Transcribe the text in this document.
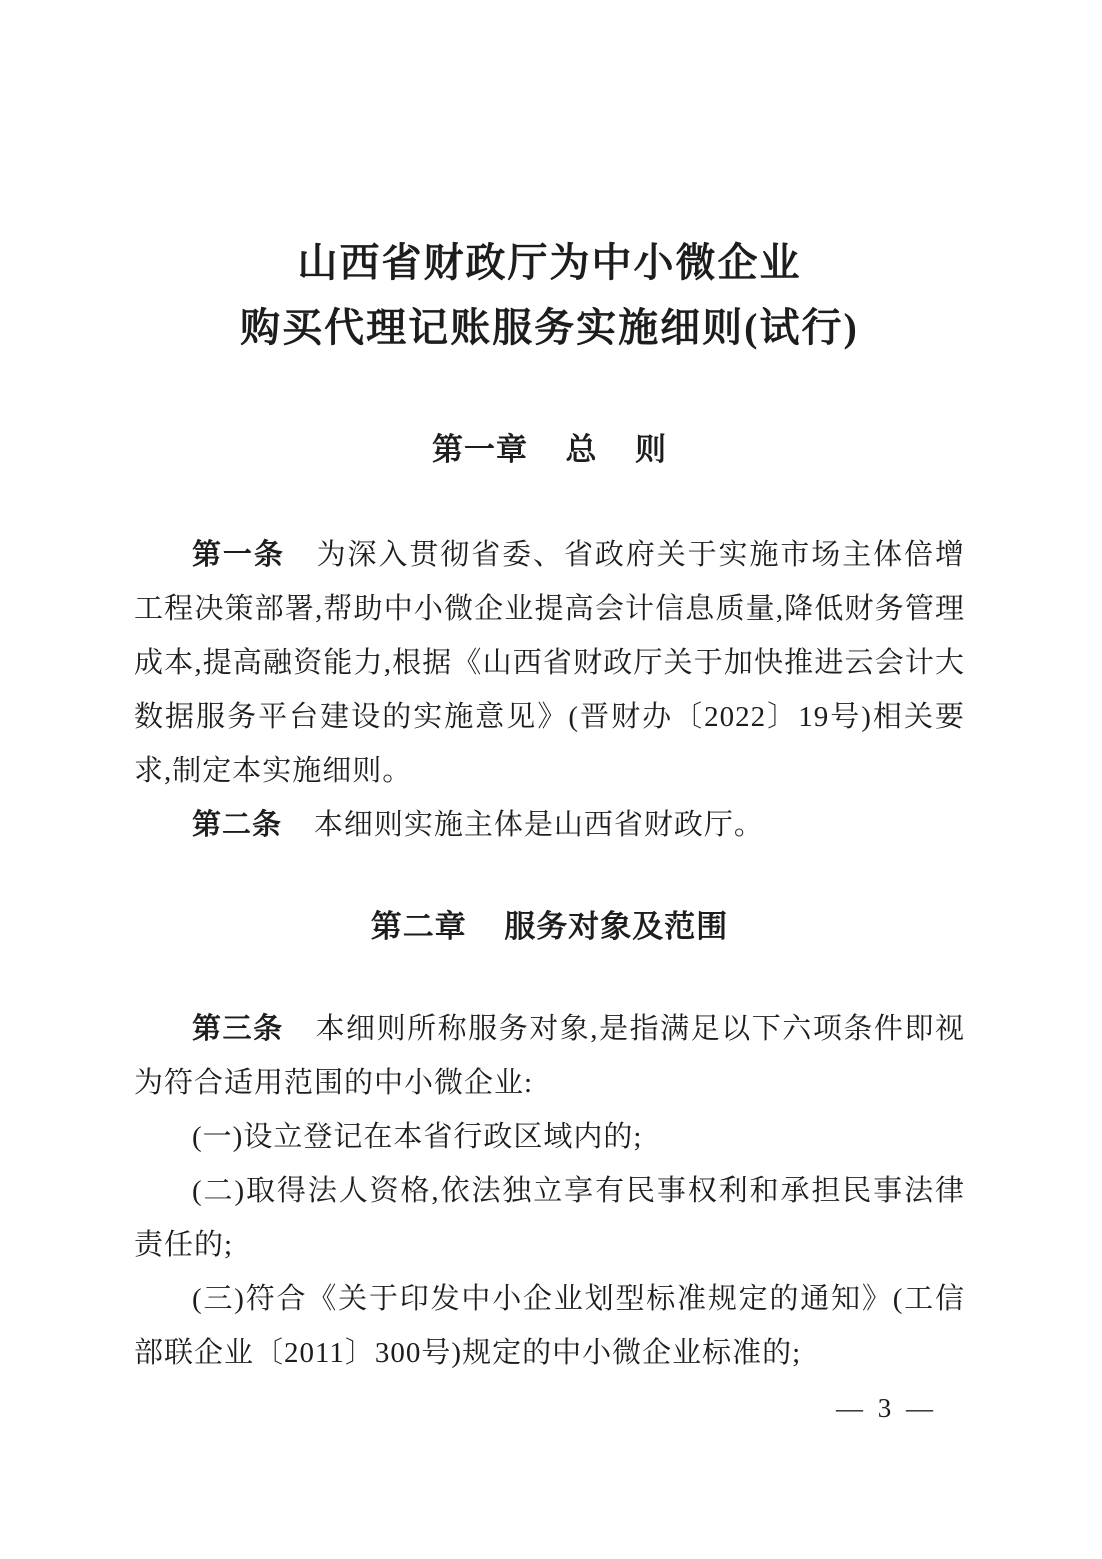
山西省财政厅为中小微企业
购买代理记账服务实施细则(试行)
第一章 总 则

第一条 为深入贯彻省委、省政府关于实施市场主体倍增工程决策部署,帮助中小微企业提高会计信息质量,降低财务管理成本,提高融资能力,根据《山西省财政厅关于加快推进云会计大数据服务平台建设的实施意见》(晋财办〔2022〕19号)相关要求,制定本实施细则。

第二条 本细则实施主体是山西省财政厅。

第二章 服务对象及范围

第三条 本细则所称服务对象,是指满足以下六项条件即视为符合适用范围的中小微企业:

(一)设立登记在本省行政区域内的;

(二)取得法人资格,依法独立享有民事权利和承担民事法律责任的;

(三)符合《关于印发中小企业划型标准规定的通知》(工信部联企业〔2011〕300号)规定的中小微企业标准的;

— 3 —
